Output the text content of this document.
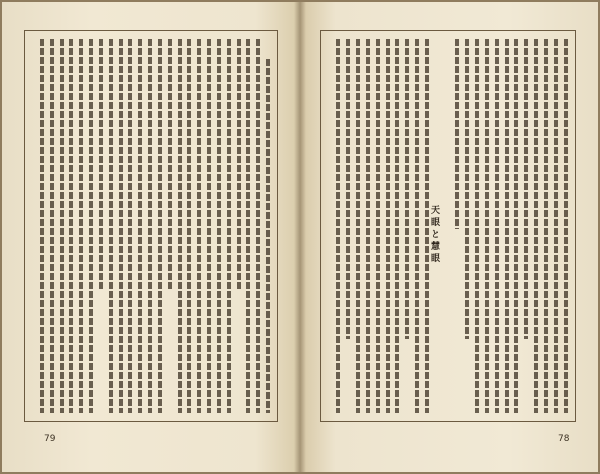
79
天眼と慧眼
78
